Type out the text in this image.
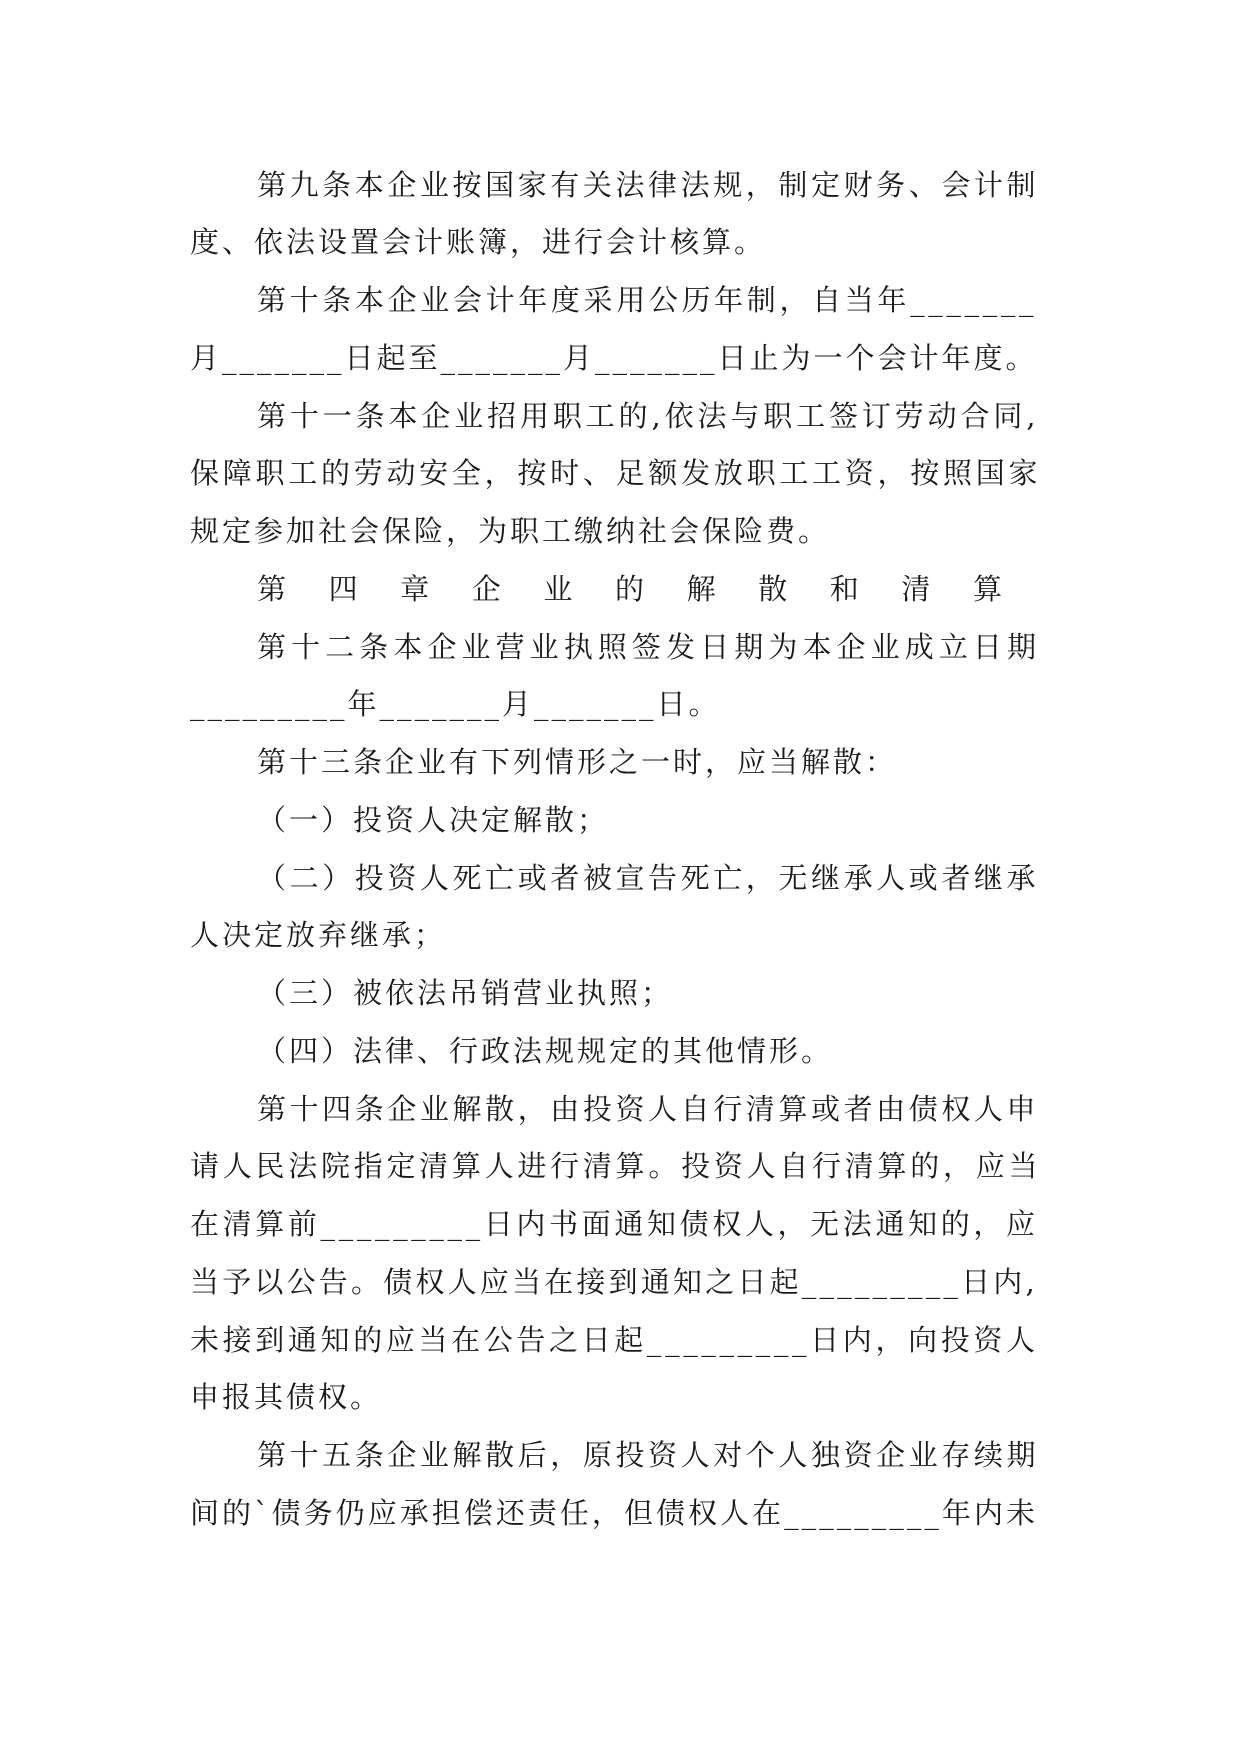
第九条本企业按国家有关法律法规，制定财务、会计制
度、依法设置会计账簿，进行会计核算。
第十条本企业会计年度采用公历年制，自当年_______
月_______日起至_______月_______日止为一个会计年度。
第十一条本企业招用职工的,依法与职工签订劳动合同,
保障职工的劳动安全，按时、足额发放职工工资，按照国家
规定参加社会保险，为职工缴纳社会保险费。
第四章企业的解散和清算
第十二条本企业营业执照签发日期为本企业成立日期
_________年_______月_______日。
第十三条企业有下列情形之一时，应当解散：
（一）投资人决定解散；
（二）投资人死亡或者被宣告死亡，无继承人或者继承
人决定放弃继承；
（三）被依法吊销营业执照；
（四）法律、行政法规规定的其他情形。
第十四条企业解散，由投资人自行清算或者由债权人申
请人民法院指定清算人进行清算。投资人自行清算的，应当
在清算前_________日内书面通知债权人，无法通知的，应
当予以公告。债权人应当在接到通知之日起_________日内,
未接到通知的应当在公告之日起_________日内，向投资人
申报其债权。
第十五条企业解散后，原投资人对个人独资企业存续期
间的`债务仍应承担偿还责任，但债权人在_________年内未
